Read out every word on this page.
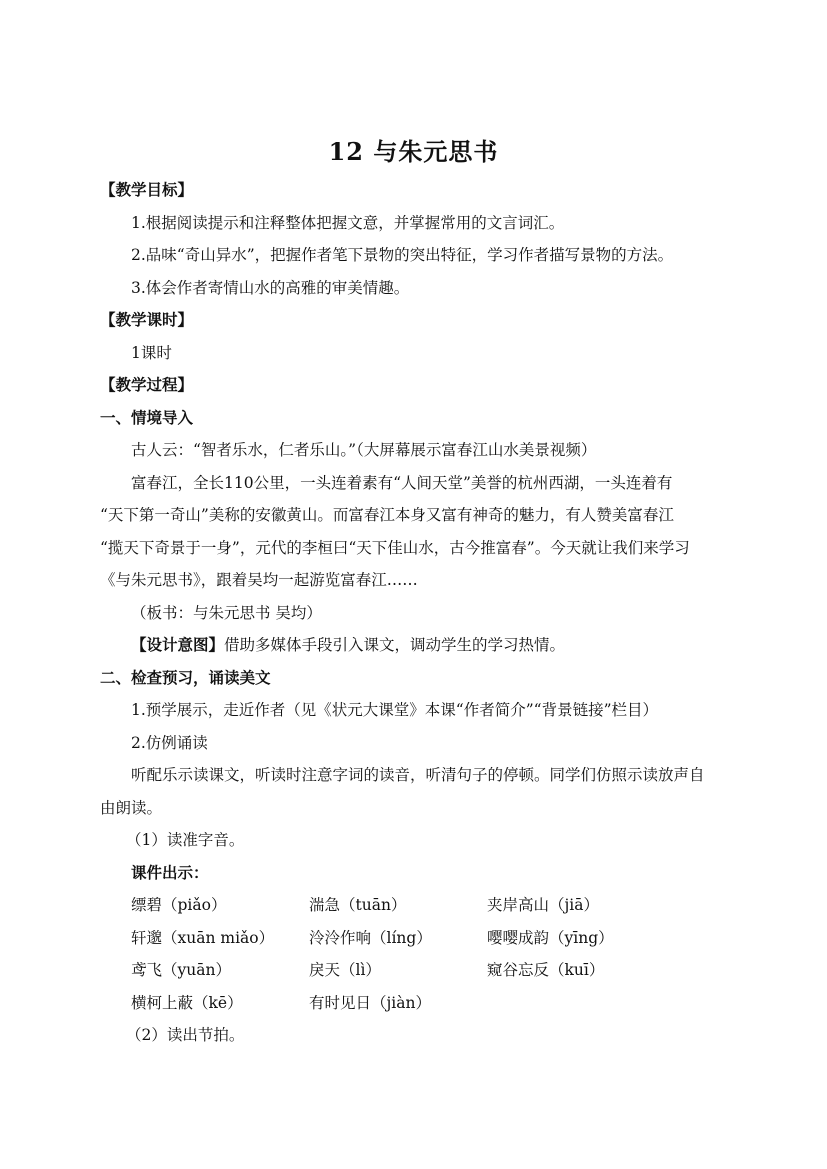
12 与朱元思书
【教学目标】
1.根据阅读提示和注释整体把握文意，并掌握常用的文言词汇。
2.品味“奇山异水”，把握作者笔下景物的突出特征，学习作者描写景物的方法。
3.体会作者寄情山水的高雅的审美情趣。
【教学课时】
1课时
【教学过程】
一、情境导入
古人云：“智者乐水，仁者乐山。”（大屏幕展示富春江山水美景视频）
富春江，全长110公里，一头连着素有“人间天堂”美誉的杭州西湖，一头连着有
“天下第一奇山”美称的安徽黄山。而富春江本身又富有神奇的魅力，有人赞美富春江
“揽天下奇景于一身”，元代的李桓曰“天下佳山水，古今推富春”。今天就让我们来学习
《与朱元思书》，跟着吴均一起游览富春江……
（板书：与朱元思书 吴均）
【设计意图】借助多媒体手段引入课文，调动学生的学习热情。
二、检查预习，诵读美文
1.预学展示，走近作者（见《状元大课堂》本课“作者简介”“背景链接”栏目）
2.仿例诵读
听配乐示读课文，听读时注意字词的读音，听清句子的停顿。同学们仿照示读放声自
由朗读。
（1）读准字音。
课件出示：
缥碧（piǎo）	湍急（tuān）	夹岸高山（jiā）
轩邈（xuān miǎo）	泠泠作响（líng）	嘤嘤成韵（yīng）
鸢飞（yuān）	戾天（lì）	窥谷忘反（kuī）
横柯上蔽（kē）	有时见日（jiàn）
（2）读出节拍。
